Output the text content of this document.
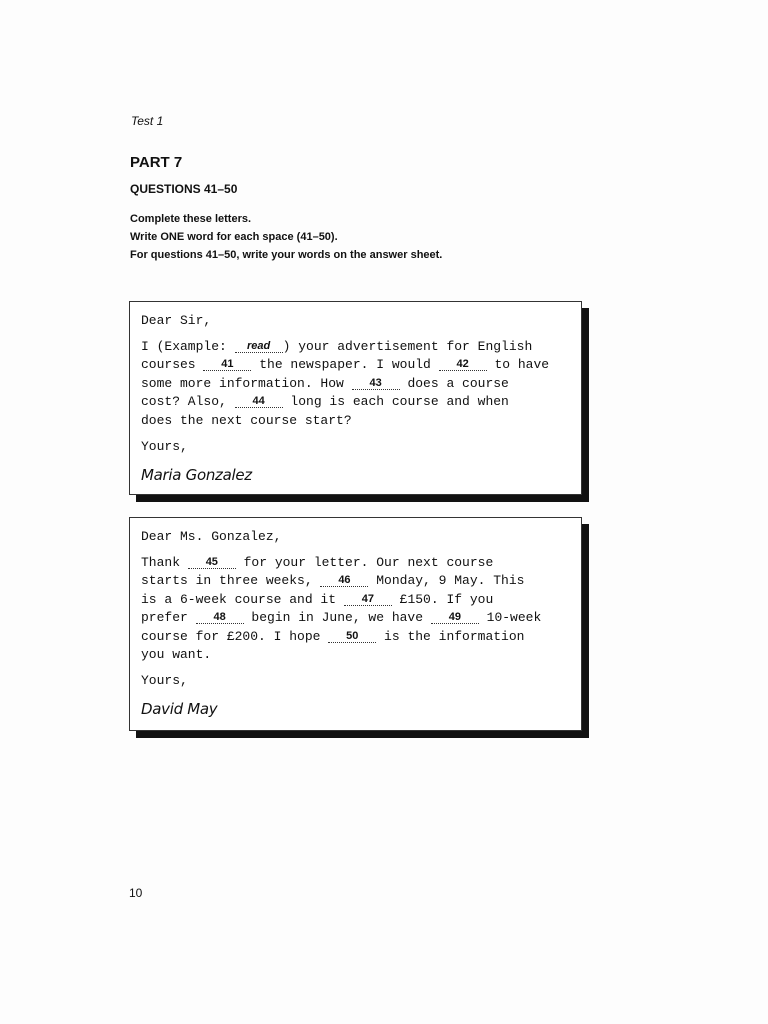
Test 1
PART 7
QUESTIONS 41–50
Complete these letters.
Write ONE word for each space (41–50).
For questions 41–50, write your words on the answer sheet.
Dear Sir,
I (Example: read ) your advertisement for English
courses 41 the newspaper. I would 42 to have
some more information. How 43 does a course
cost? Also, 44 long is each course and when
does the next course start?
Yours,
Maria Gonzalez
Dear Ms. Gonzalez,
Thank 45 for your letter. Our next course
starts in three weeks, 46 Monday, 9 May. This
is a 6-week course and it 47 £150. If you
prefer 48 begin in June, we have 49 10-week
course for £200. I hope 50 is the information
you want.
Yours,
David May
10
